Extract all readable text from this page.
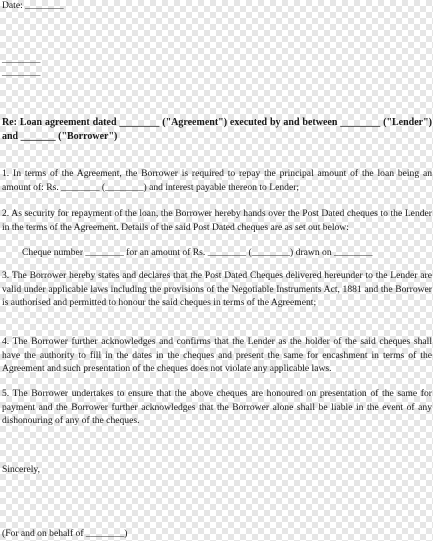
Date: ________
________
________
Re: Loan agreement dated ________ ("Agreement") executed by and between ________ ("Lender") and _______ ("Borrower")
1. In terms of the Agreement, the Borrower is required to repay the principal amount of the loan being an amount of: Rs. ________ (________) and interest payable thereon to Lender;
2. As security for repayment of the loan, the Borrower hereby hands over the Post Dated cheques to the Lender in the terms of the Agreement. Details of the said Post Dated cheques are as set out below:
Cheque number ________ for an amount of Rs. ________ (________) drawn on ________
3. The Borrower hereby states and declares that the Post Dated Cheques delivered hereunder to the Lender are valid under applicable laws including the provisions of the Negotiable Instruments Act, 1881 and the Borrower is authorised and permitted to honour the said cheques in terms of the Agreement;
4. The Borrower further acknowledges and confirms that the Lender as the holder of the said cheques shall have the authority to fill in the dates in the cheques and present the same for encashment in terms of the Agreement and such presentation of the cheques does not violate any applicable laws.
5. The Borrower undertakes to ensure that the above cheques are honoured on presentation of the same for payment and the Borrower further acknowledges that the Borrower alone shall be liable in the event of any dishonouring of any of the cheques.
Sincerely,
(For and on behalf of ________)
